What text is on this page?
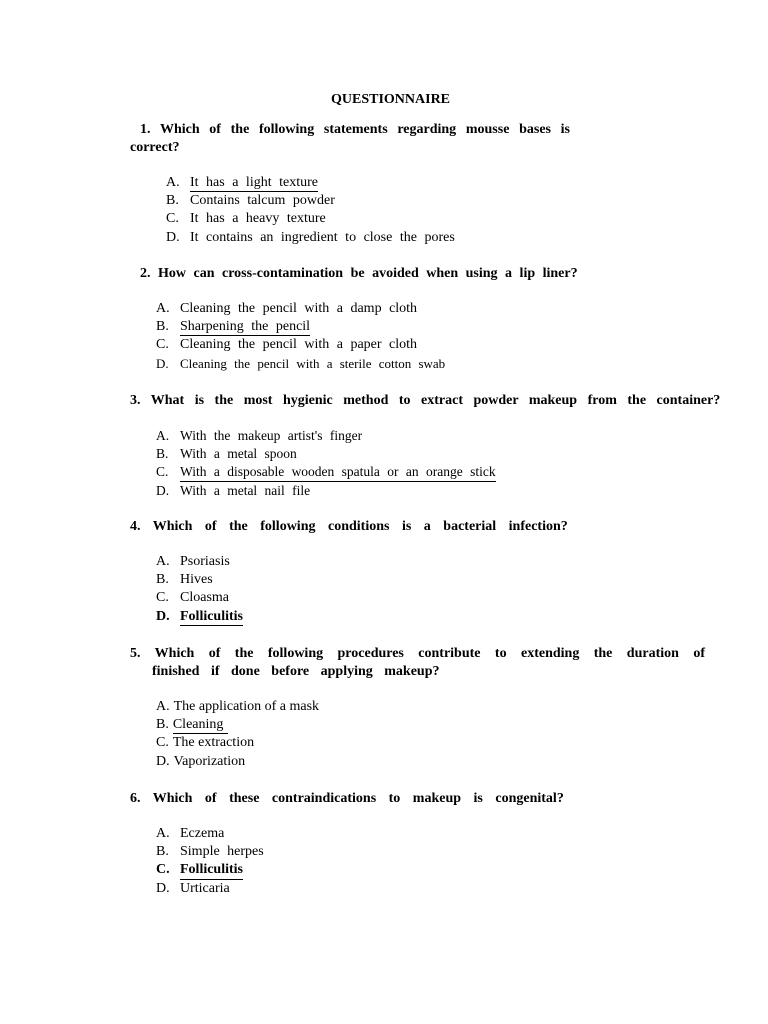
QUESTIONNAIRE

1. Which of the following statements regarding mousse bases is correct?

A. It has a light texture
B. Contains talcum powder
C. It has a heavy texture
D. It contains an ingredient to close the pores

2. How can cross-contamination be avoided when using a lip liner?

A. Cleaning the pencil with a damp cloth
B. Sharpening the pencil
C. Cleaning the pencil with a paper cloth
D. Cleaning the pencil with a sterile cotton swab

3. What is the most hygienic method to extract powder makeup from the container?

A. With the makeup artist's finger
B. With a metal spoon
C. With a disposable wooden spatula or an orange stick
D. With a metal nail file

4. Which of the following conditions is a bacterial infection?

A. Psoriasis
B. Hives
C. Cloasma
D. Folliculitis

5. Which of the following procedures contribute to extending the duration of finished if done before applying makeup?

A. The application of a mask
B. Cleaning
C. The extraction
D. Vaporization

6. Which of these contraindications to makeup is congenital?

A. Eczema
B. Simple herpes
C. Folliculitis
D. Urticaria
